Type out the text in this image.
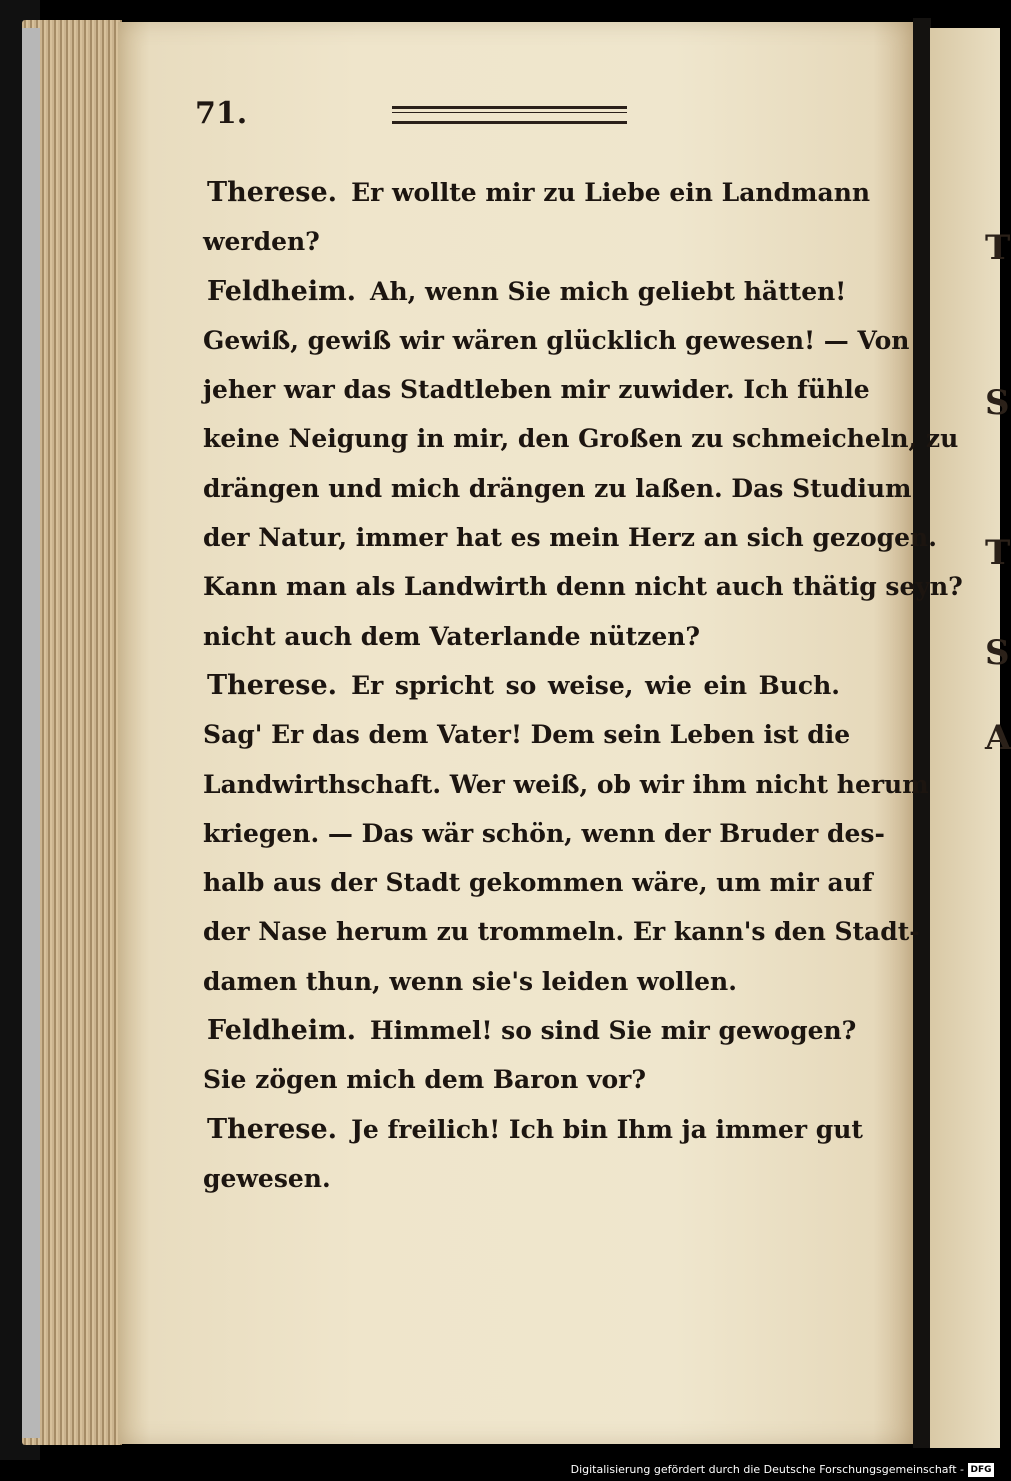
T
S
T
S
A
71.
Therese. Er wollte mir zu Liebe ein Landmann
werden?
Feldheim. Ah, wenn Sie mich geliebt hätten!
Gewiß, gewiß wir wären glücklich gewesen! — Von
jeher war das Stadtleben mir zuwider. Ich fühle
keine Neigung in mir, den Großen zu schmeicheln, zu
drängen und mich drängen zu laßen. Das Studium
der Natur, immer hat es mein Herz an sich gezogen.
Kann man als Landwirth denn nicht auch thätig seyn?
nicht auch dem Vaterlande nützen?
Therese. Er spricht so weise, wie ein Buch.
Sag' Er das dem Vater! Dem sein Leben ist die
Landwirthschaft. Wer weiß, ob wir ihm nicht herum
kriegen. — Das wär schön, wenn der Bruder des-
halb aus der Stadt gekommen wäre, um mir auf
der Nase herum zu trommeln. Er kann's den Stadt-
damen thun, wenn sie's leiden wollen.
Feldheim. Himmel! so sind Sie mir gewogen?
Sie zögen mich dem Baron vor?
Therese. Je freilich! Ich bin Ihm ja immer gut
gewesen.
Digitalisierung gefördert durch die Deutsche Forschungsgemeinschaft - DFG
